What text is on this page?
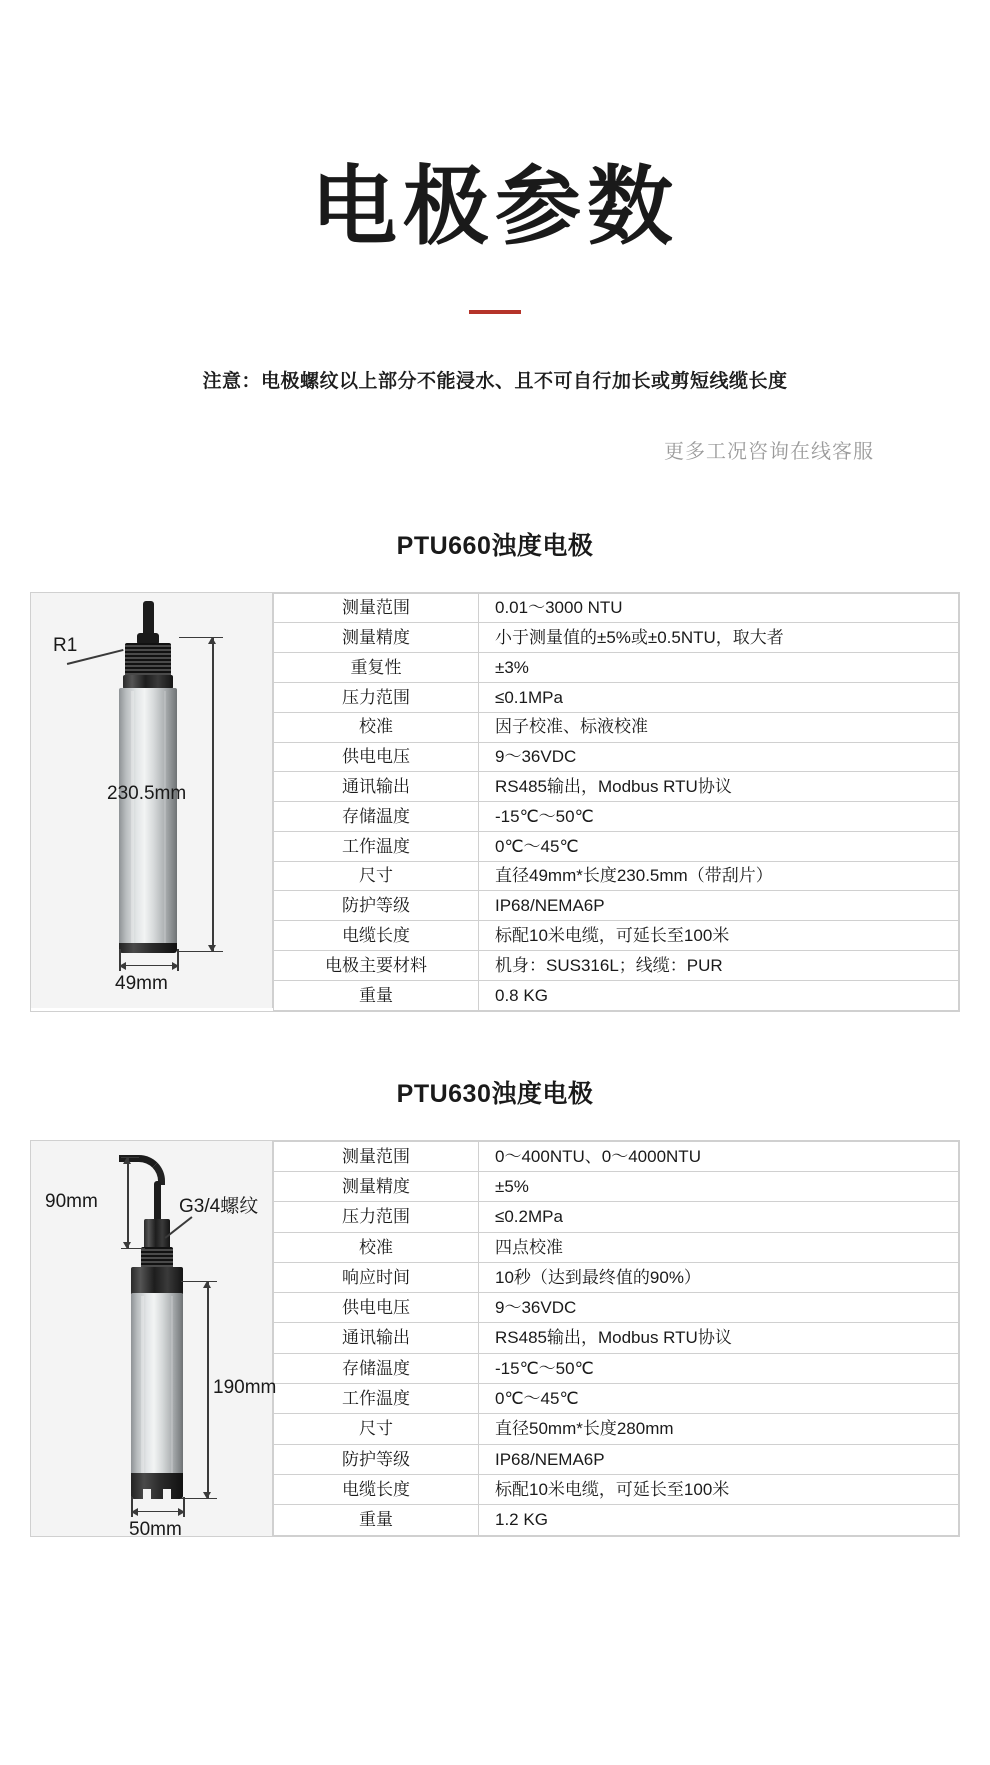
电极参数
注意：电极螺纹以上部分不能浸水、且不可自行加长或剪短线缆长度
更多工况咨询在线客服
PTU660浊度电极
R1
230.5mm
49mm
测量范围	0.01～3000 NTU
测量精度	小于测量值的±5%或±0.5NTU，取大者
重复性	±3%
压力范围	≤0.1MPa
校准	因子校准、标液校准
供电电压	9～36VDC
通讯输出	RS485输出，Modbus RTU协议
存储温度	-15℃～50℃
工作温度	0℃～45℃
尺寸	直径49mm*长度230.5mm（带刮片）
防护等级	IP68/NEMA6P
电缆长度	标配10米电缆，可延长至100米
电极主要材料	机身：SUS316L；线缆：PUR
重量	0.8 KG
PTU630浊度电极
90mm	G3/4螺纹
190mm
50mm
测量范围	0～400NTU、0～4000NTU
测量精度	±5%
压力范围	≤0.2MPa
校准	四点校准
响应时间	10秒（达到最终值的90%）
供电电压	9～36VDC
通讯输出	RS485输出，Modbus RTU协议
存储温度	-15℃～50℃
工作温度	0℃～45℃
尺寸	直径50mm*长度280mm
防护等级	IP68/NEMA6P
电缆长度	标配10米电缆，可延长至100米
重量	1.2 KG
